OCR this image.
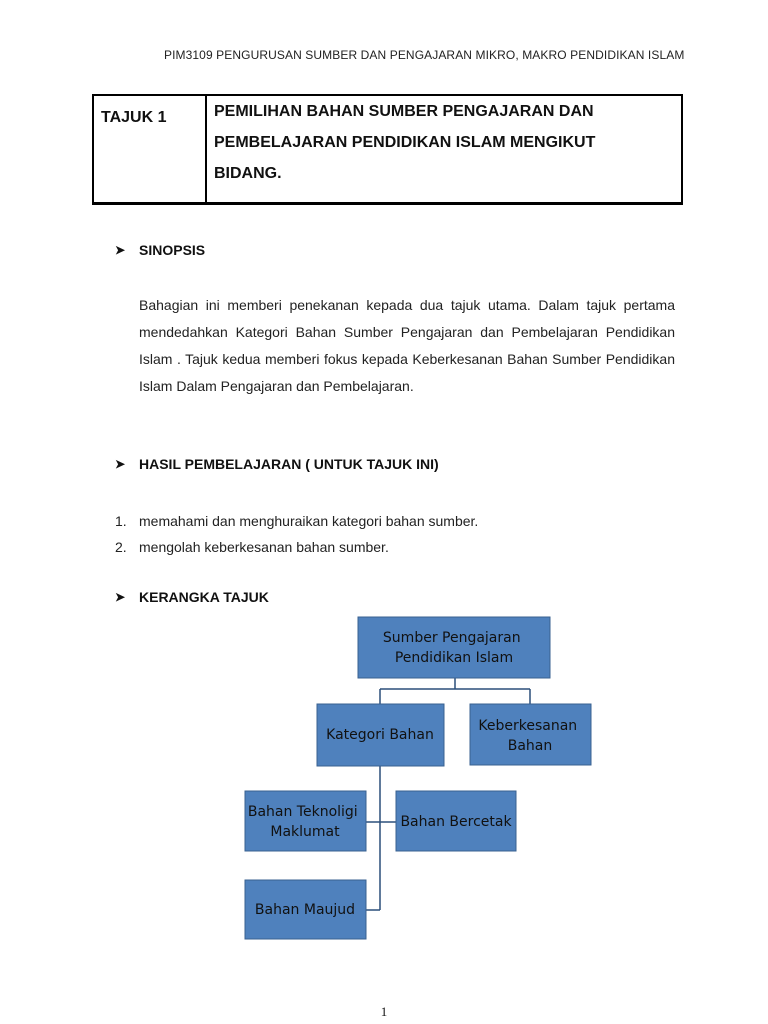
PIM3109 PENGURUSAN SUMBER DAN PENGAJARAN MIKRO, MAKRO PENDIDIKAN ISLAM
TAJUK 1	PEMILIHAN BAHAN SUMBER PENGAJARAN DAN
PEMBELAJARAN PENDIDIKAN ISLAM MENGIKUT
BIDANG.
➤ SINOPSIS

Bahagian ini memberi penekanan kepada dua tajuk utama. Dalam tajuk pertama mendedahkan Kategori Bahan Sumber Pengajaran dan Pembelajaran Pendidikan Islam . Tajuk kedua memberi fokus kepada Keberkesanan Bahan Sumber Pendidikan Islam Dalam Pengajaran dan Pembelajaran.

➤ HASIL PEMBELAJARAN ( UNTUK TAJUK INI)
1. memahami dan menghuraikan kategori bahan sumber.
2. mengolah keberkesanan bahan sumber.
➤ KERANGKA TAJUK
Sumber Pengajaran Pendidikan Islam
Kategori Bahan
Keberkesanan Bahan
Bahan Teknoligi Maklumat
Bahan Bercetak
Bahan Maujud
1
